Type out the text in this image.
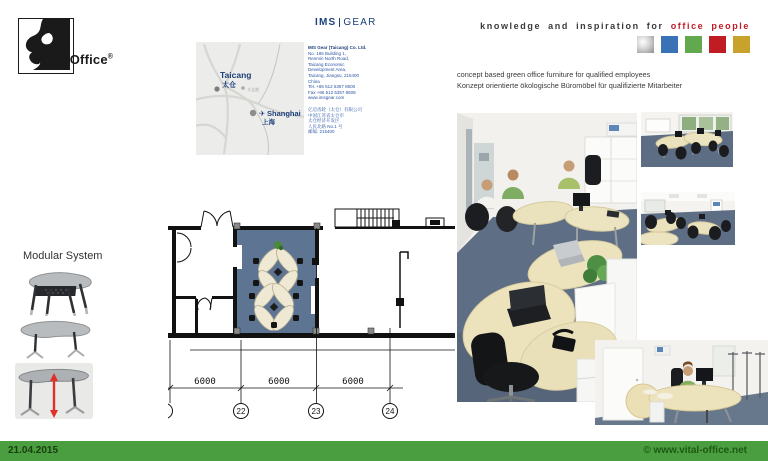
Vital-Office®
IMS GEAR
Taicang
太仓
太仓港
✈ Shanghai
上海
IMS Gear (Taicang) Co. Ltd.
No. 186 Building 1,
Renmin North Road,
Taicang Economic
Development Area,
Taicang, Jiangsu, 215400
China
Tel. +86 512 5357 8500
Fax +86 512 5357 8508
www.imsgear.com
亿迈齿轮（太仓）有限公司
中国江苏省太仓市
太仓经济开发区
人民北路 No.1 号
邮编: 215400
knowledge and inspiration for office people
concept based green office furniture for qualified employees
Konzept orientierte ökologische Büromöbel für qualifizierte Mitarbeiter
6000	6000	6000
22	23	24
Modular System
21.04.2015	© www.vital-office.net
